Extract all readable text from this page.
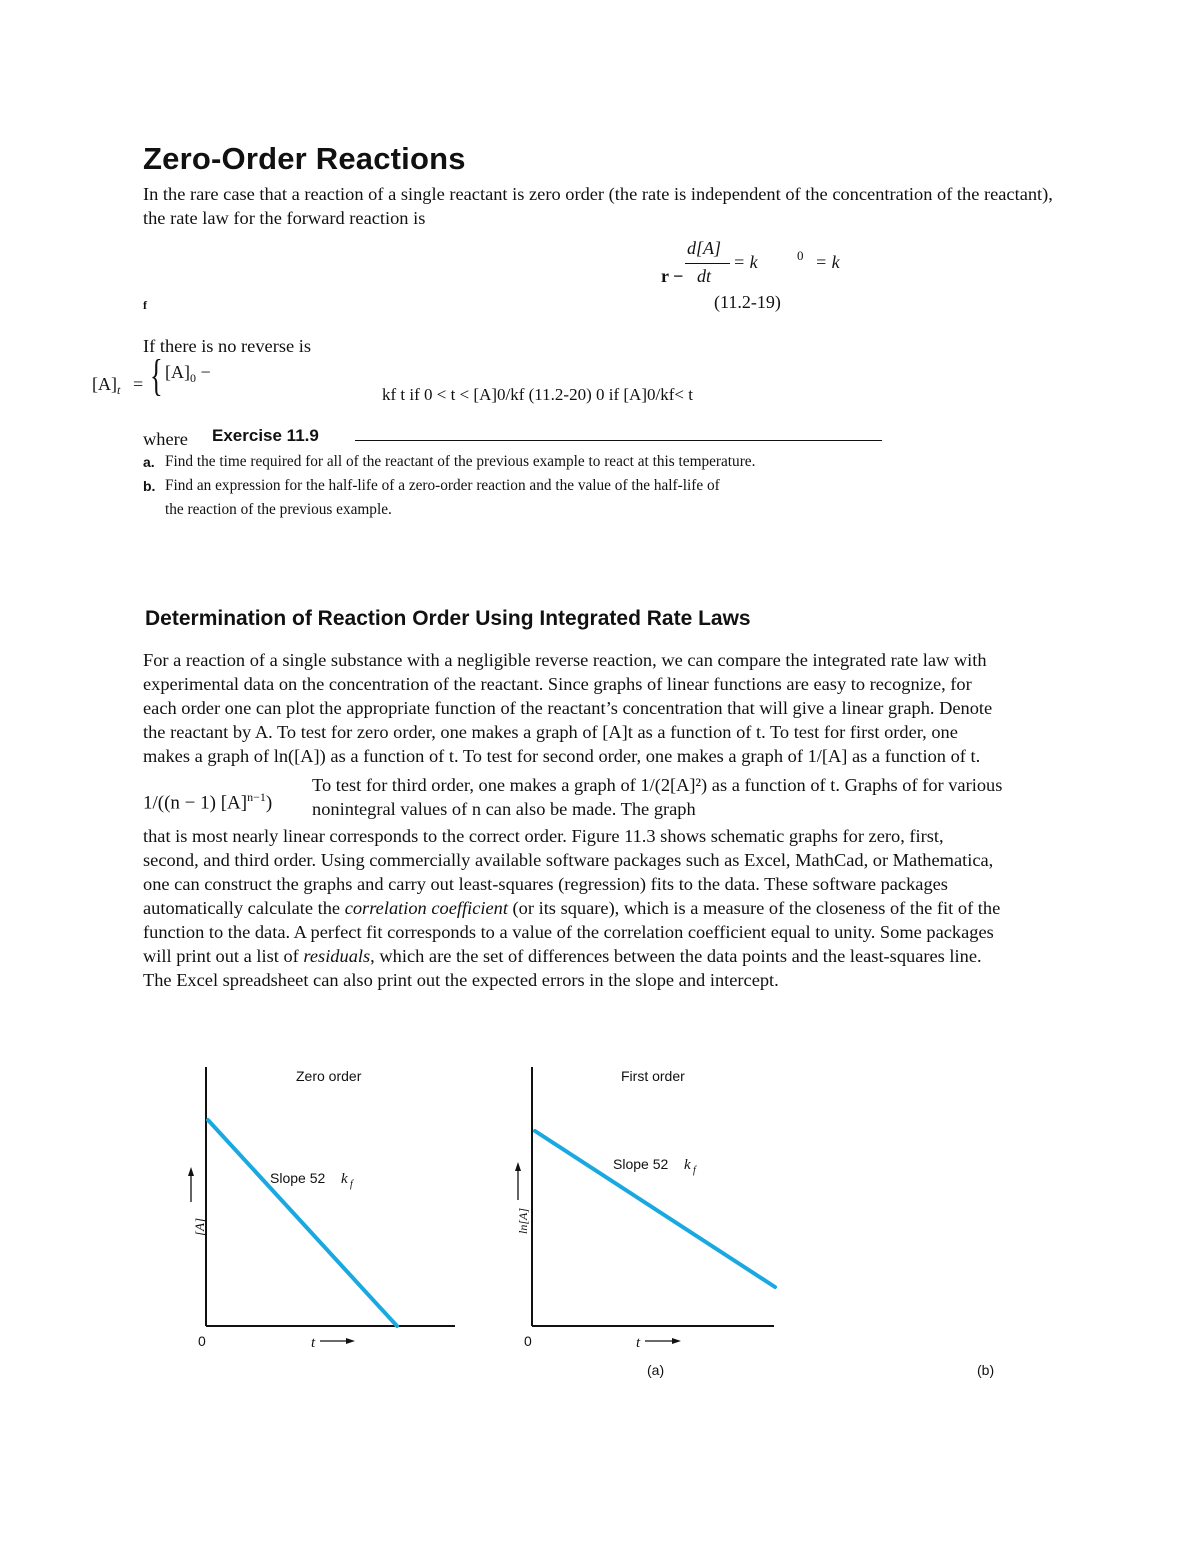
Zero-Order Reactions

In the rare case that a reaction of a single reactant is zero order (the rate is independent of the concentration of the reactant), the rate law for the forward reaction is

d[A]
dt
= k	0 = k
r −
f	(11.2-19)
If there is no reverse is
$[A]_t$ = { $[A]_0$ −
kf t if 0 < t < [A]0/kf (11.2-20) 0 if [A]0/kf< t
where Exercise 11.9
a. Find the time required for all of the reactant of the previous example to react at this temperature.
b. Find an expression for the half-life of a zero-order reaction and the value of the half-life of
the reaction of the previous example.
Determination of Reaction Order Using Integrated Rate Laws
For a reaction of a single substance with a negligible reverse reaction, we can compare the integrated rate law with
experimental data on the concentration of the reactant. Since graphs of linear functions are easy to recognize, for
each order one can plot the appropriate function of the reactant’s concentration that will give a linear graph. Denote
the reactant by A. To test for zero order, one makes a graph of [A]t as a function of t. To test for first order, one
makes a graph of ln([A]) as a function of t. To test for second order, one makes a graph of 1/[A] as a function of t.
To test for third order, one makes a graph of 1/(2[A]²) as a function of t. Graphs of for various
1/((n − 1) $[A]^{n-1}$) nonintegral values of n can also be made. The graph
that is most nearly linear corresponds to the correct order. Figure 11.3 shows schematic graphs for zero, first,
second, and third order. Using commercially available software packages such as Excel, MathCad, or Mathematica,
one can construct the graphs and carry out least-squares (regression) fits to the data. These software packages
automatically calculate the correlation coefficient (or its square), which is a measure of the closeness of the fit of the
function to the data. A perfect fit corresponds to a value of the correlation coefficient equal to unity. Some packages
will print out a list of residuals, which are the set of differences between the data points and the least-squares line.
The Excel spreadsheet can also print out the expected errors in the slope and intercept.
Zero order
Slope 52 k f
0	t
[A]
First order
Slope 52 k f
0	t
ln[A]
(a)	(b)
